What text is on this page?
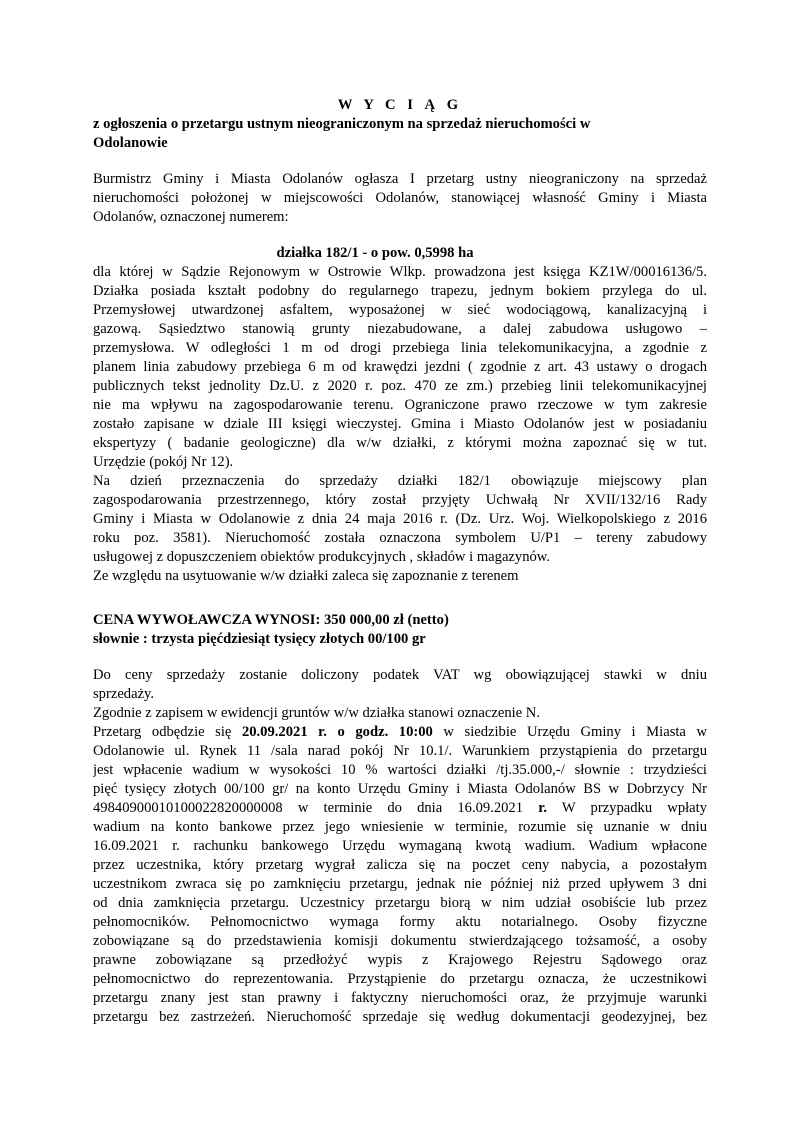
W Y C I Ą G
z ogłoszenia o przetargu ustnym nieograniczonym na sprzedaż nieruchomości w
Odolanowie
Burmistrz Gminy i Miasta Odolanów ogłasza I przetarg ustny nieograniczony na sprzedaż
nieruchomości położonej w miejscowości Odolanów, stanowiącej własność Gminy i Miasta
Odolanów, oznaczonej numerem:
działka 182/1 - o pow. 0,5998 ha
dla której w Sądzie Rejonowym w Ostrowie Wlkp. prowadzona jest księga KZ1W/00016136/5.
Działka posiada kształt podobny do regularnego trapezu, jednym bokiem przylega do ul.
Przemysłowej utwardzonej asfaltem, wyposażonej w sieć wodociągową, kanalizacyjną i
gazową. Sąsiedztwo stanowią grunty niezabudowane, a dalej zabudowa usługowo –
przemysłowa. W odległości 1 m od drogi przebiega linia telekomunikacyjna, a zgodnie z
planem linia zabudowy przebiega 6 m od krawędzi jezdni ( zgodnie z art. 43 ustawy o drogach
publicznych tekst jednolity Dz.U. z 2020 r. poz. 470 ze zm.) przebieg linii telekomunikacyjnej
nie ma wpływu na zagospodarowanie terenu. Ograniczone prawo rzeczowe w tym zakresie
zostało zapisane w dziale III księgi wieczystej. Gmina i Miasto Odolanów jest w posiadaniu
ekspertyzy ( badanie geologiczne) dla w/w działki, z którymi można zapoznać się w tut.
Urzędzie (pokój Nr 12).
Na dzień przeznaczenia do sprzedaży działki 182/1 obowiązuje miejscowy plan
zagospodarowania przestrzennego, który został przyjęty Uchwałą Nr XVII/132/16 Rady
Gminy i Miasta w Odolanowie z dnia 24 maja 2016 r. (Dz. Urz. Woj. Wielkopolskiego z 2016
roku poz. 3581). Nieruchomość została oznaczona symbolem U/P1 – tereny zabudowy
usługowej z dopuszczeniem obiektów produkcyjnych , składów i magazynów.
Ze względu na usytuowanie w/w działki zaleca się zapoznanie z terenem
CENA WYWOŁAWCZA WYNOSI: 350 000,00 zł (netto)
słownie : trzysta pięćdziesiąt tysięcy złotych 00/100 gr
Do ceny sprzedaży zostanie doliczony podatek VAT wg obowiązującej stawki w dniu
sprzedaży.
Zgodnie z zapisem w ewidencji gruntów w/w działka stanowi oznaczenie N.
Przetarg odbędzie się 20.09.2021 r. o godz. 10:00 w siedzibie Urzędu Gminy i Miasta w
Odolanowie ul. Rynek 11 /sala narad pokój Nr 10.1/. Warunkiem przystąpienia do przetargu
jest wpłacenie wadium w wysokości 10 % wartości działki /tj.35.000,-/ słownie : trzydzieści
pięć tysięcy złotych 00/100 gr/ na konto Urzędu Gminy i Miasta Odolanów BS w Dobrzycy Nr
49840900010100022820000008 w terminie do dnia 16.09.2021 r. W przypadku wpłaty
wadium na konto bankowe przez jego wniesienie w terminie, rozumie się uznanie w dniu
16.09.2021 r. rachunku bankowego Urzędu wymaganą kwotą wadium. Wadium wpłacone
przez uczestnika, który przetarg wygrał zalicza się na poczet ceny nabycia, a pozostałym
uczestnikom zwraca się po zamknięciu przetargu, jednak nie później niż przed upływem 3 dni
od dnia zamknięcia przetargu. Uczestnicy przetargu biorą w nim udział osobiście lub przez
pełnomocników. Pełnomocnictwo wymaga formy aktu notarialnego. Osoby fizyczne
zobowiązane są do przedstawienia komisji dokumentu stwierdzającego tożsamość, a osoby
prawne zobowiązane są przedłożyć wypis z Krajowego Rejestru Sądowego oraz
pełnomocnictwo do reprezentowania. Przystąpienie do przetargu oznacza, że uczestnikowi
przetargu znany jest stan prawny i faktyczny nieruchomości oraz, że przyjmuje warunki
przetargu bez zastrzeżeń. Nieruchomość sprzedaje się według dokumentacji geodezyjnej, bez
